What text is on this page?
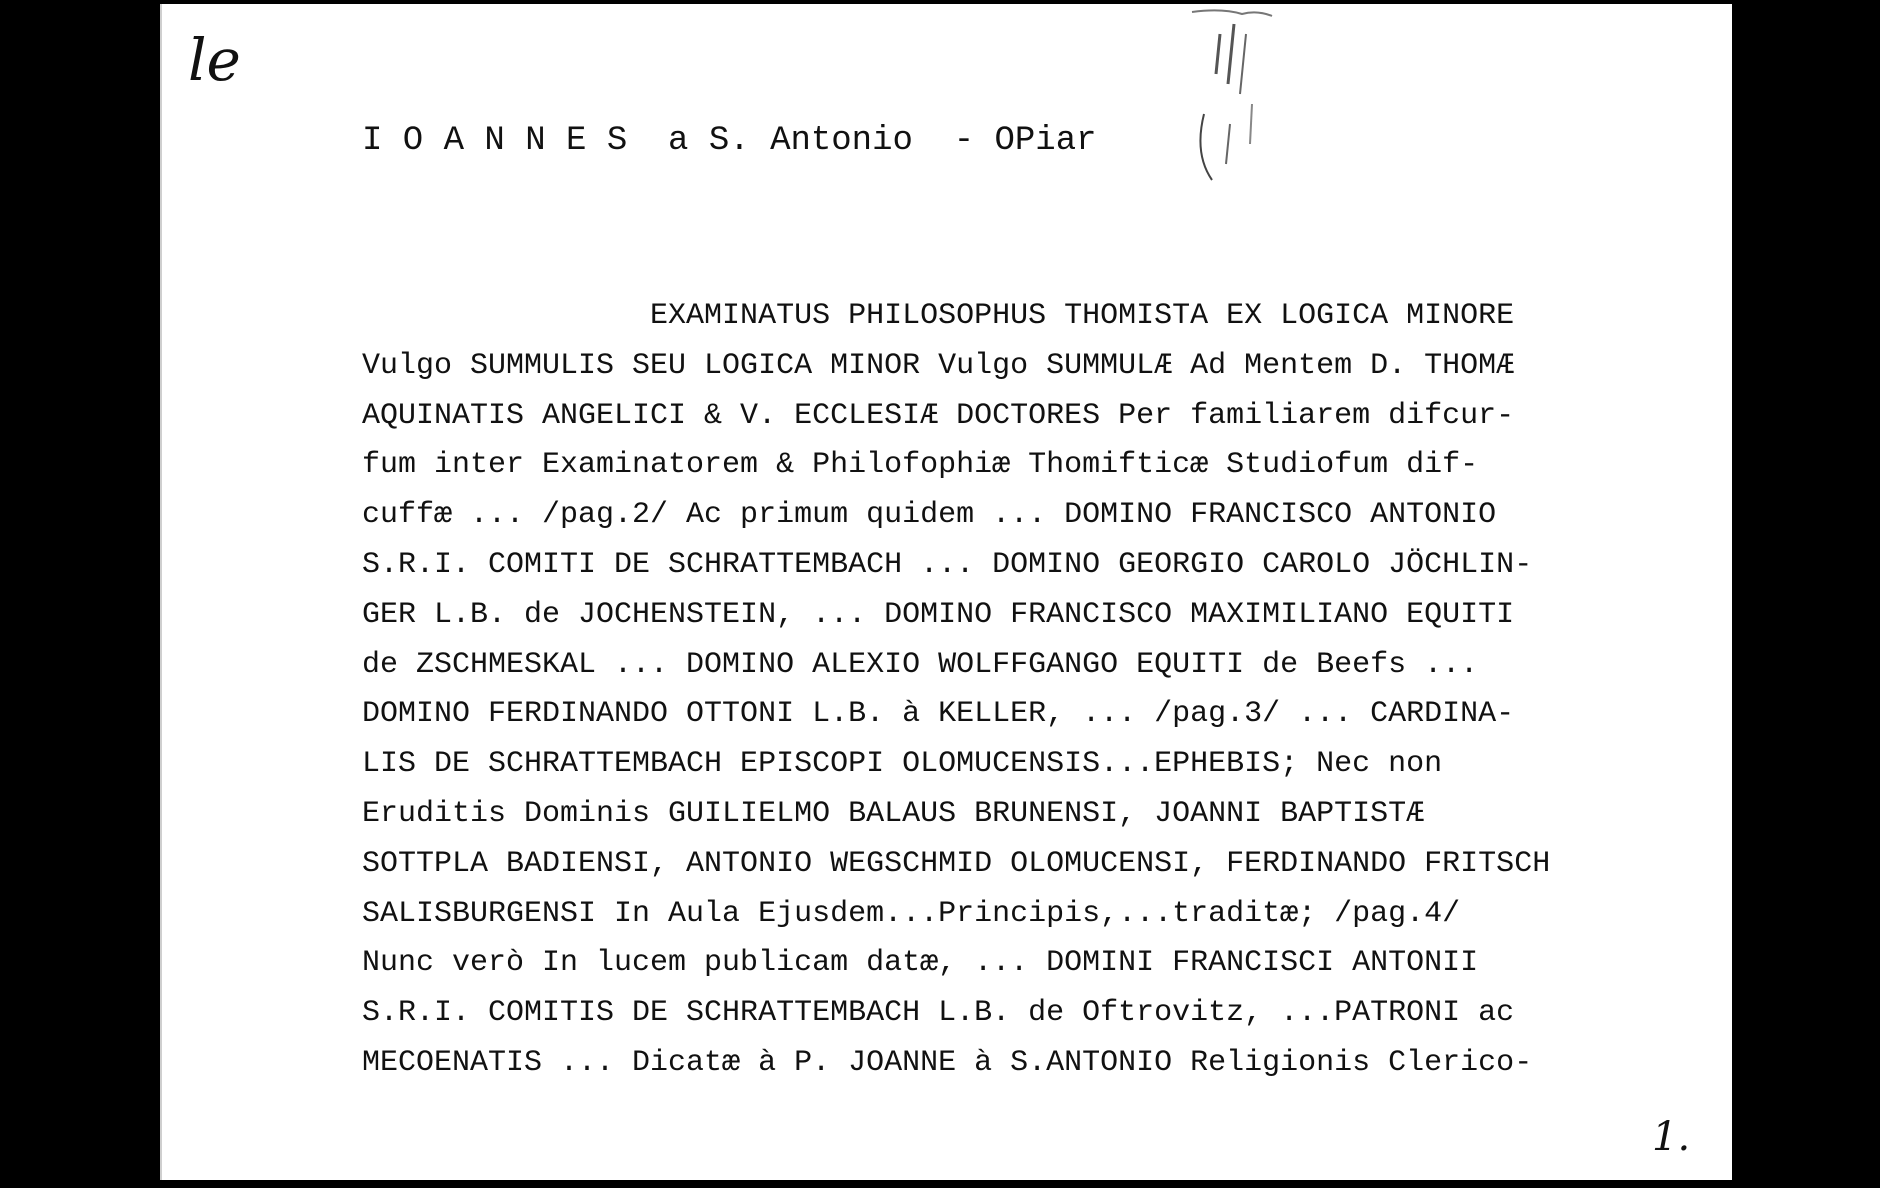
le
I O A N N E S  a S. Antonio  - OPiar
EXAMINATUS PHILOSOPHUS THOMISTA EX LOGICA MINORE
Vulgo SUMMULIS SEU LOGICA MINOR Vulgo SUMMULÆ Ad Mentem D. THOMÆ
AQUINATIS ANGELICI & V. ECCLESIÆ DOCTORES Per familiarem difcur-
fum inter Examinatorem & Philofophiæ Thomifticæ Studiofum dif-
cuffæ ... /pag.2/ Ac primum quidem ... DOMINO FRANCISCO ANTONIO
S.R.I. COMITI DE SCHRATTEMBACH ... DOMINO GEORGIO CAROLO JÖCHLIN-
GER L.B. de JOCHENSTEIN, ... DOMINO FRANCISCO MAXIMILIANO EQUITI
de ZSCHMESKAL ... DOMINO ALEXIO WOLFFGANGO EQUITI de Beefs ...
DOMINO FERDINANDO OTTONI L.B. à KELLER, ... /pag.3/ ... CARDINA-
LIS DE SCHRATTEMBACH EPISCOPI OLOMUCENSIS...EPHEBIS; Nec non
Eruditis Dominis GUILIELMO BALAUS BRUNENSI, JOANNI BAPTISTÆ
SOTTPLA BADIENSI, ANTONIO WEGSCHMID OLOMUCENSI, FERDINANDO FRITSCH
SALISBURGENSI In Aula Ejusdem...Principis,...traditæ; /pag.4/
Nunc verò In lucem publicam datæ, ... DOMINI FRANCISCI ANTONII
S.R.I. COMITIS DE SCHRATTEMBACH L.B. de Oftrovitz, ...PATRONI ac
MECOENATIS ... Dicatæ à P. JOANNE à S.ANTONIO Religionis Clerico-
1.
